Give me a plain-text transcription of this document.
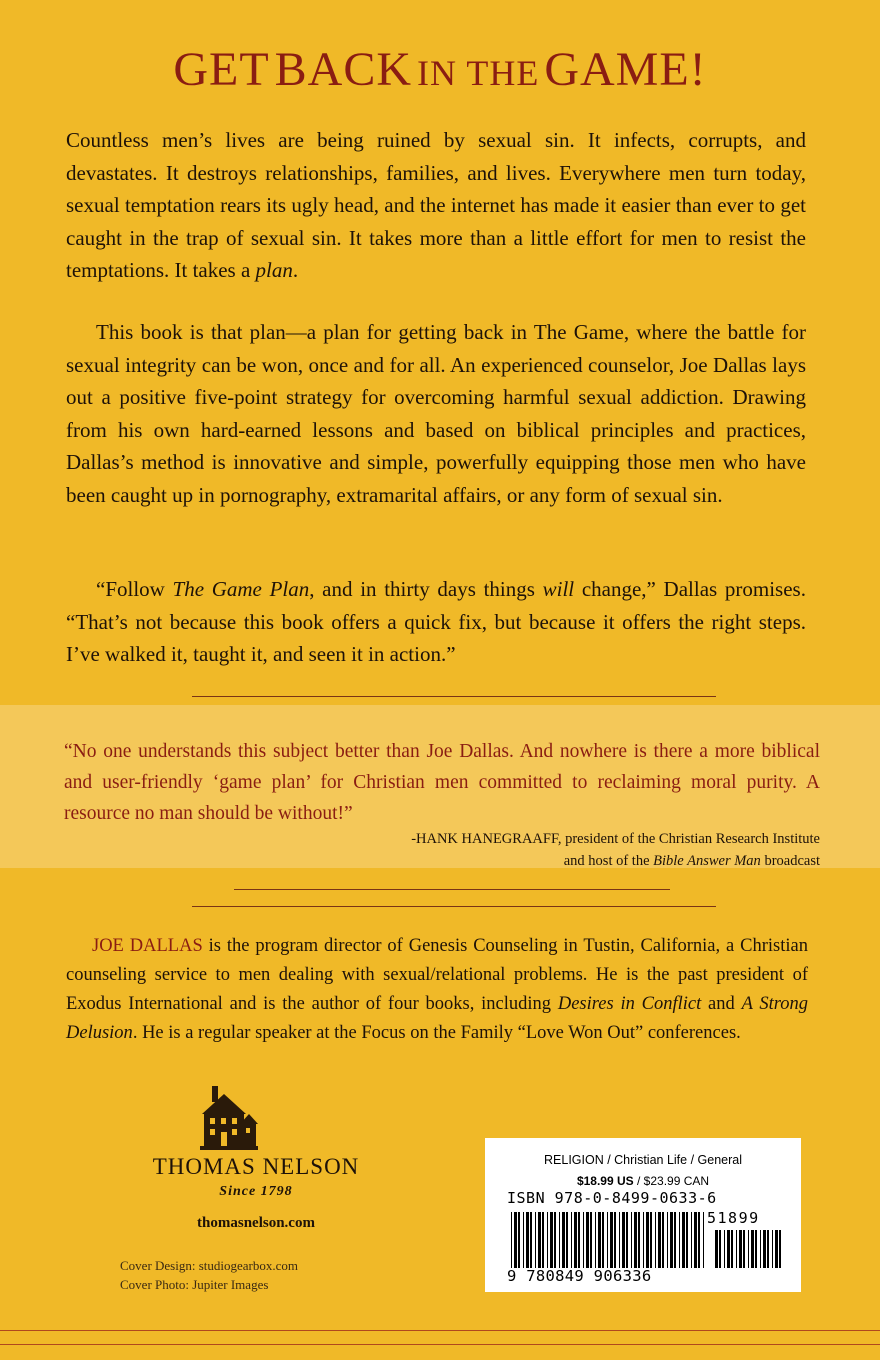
GET BACK IN THE GAME!

Countless men’s lives are being ruined by sexual sin. It infects, corrupts, and devastates. It destroys relationships, families, and lives. Everywhere men turn today, sexual temptation rears its ugly head, and the internet has made it easier than ever to get caught in the trap of sexual sin. It takes more than a little effort for men to resist the temptations. It takes a plan.

This book is that plan—a plan for getting back in The Game, where the battle for sexual integrity can be won, once and for all. An experienced counselor, Joe Dallas lays out a positive five-point strategy for overcoming harmful sexual addiction. Drawing from his own hard-earned lessons and based on biblical principles and practices, Dallas’s method is innovative and simple, powerfully equipping those men who have been caught up in pornography, extramarital affairs, or any form of sexual sin.

“Follow The Game Plan, and in thirty days things will change,” Dallas promises. “That’s not because this book offers a quick fix, but because it offers the right steps. I’ve walked it, taught it, and seen it in action.”

“No one understands this subject better than Joe Dallas. And nowhere is there a more biblical and user-friendly ‘game plan’ for Christian men committed to reclaiming moral purity. A resource no man should be without!”

-HANK HANEGRAAFF, president of the Christian Research Institute
and host of the Bible Answer Man broadcast

JOE DALLAS is the program director of Genesis Counseling in Tustin, California, a Christian counseling service to men dealing with sexual/relational problems. He is the past president of Exodus International and is the author of four books, including Desires in Conflict and A Strong Delusion. He is a regular speaker at the Focus on the Family “Love Won Out” conferences.

THOMAS NELSON
Since 1798
thomasnelson.com
Cover Design: studiogearbox.com
Cover Photo: Jupiter Images
RELIGION / Christian Life / General
$18.99 US / $23.99 CAN
ISBN 978-0-8499-0633-6
51899
9 780849 906336
